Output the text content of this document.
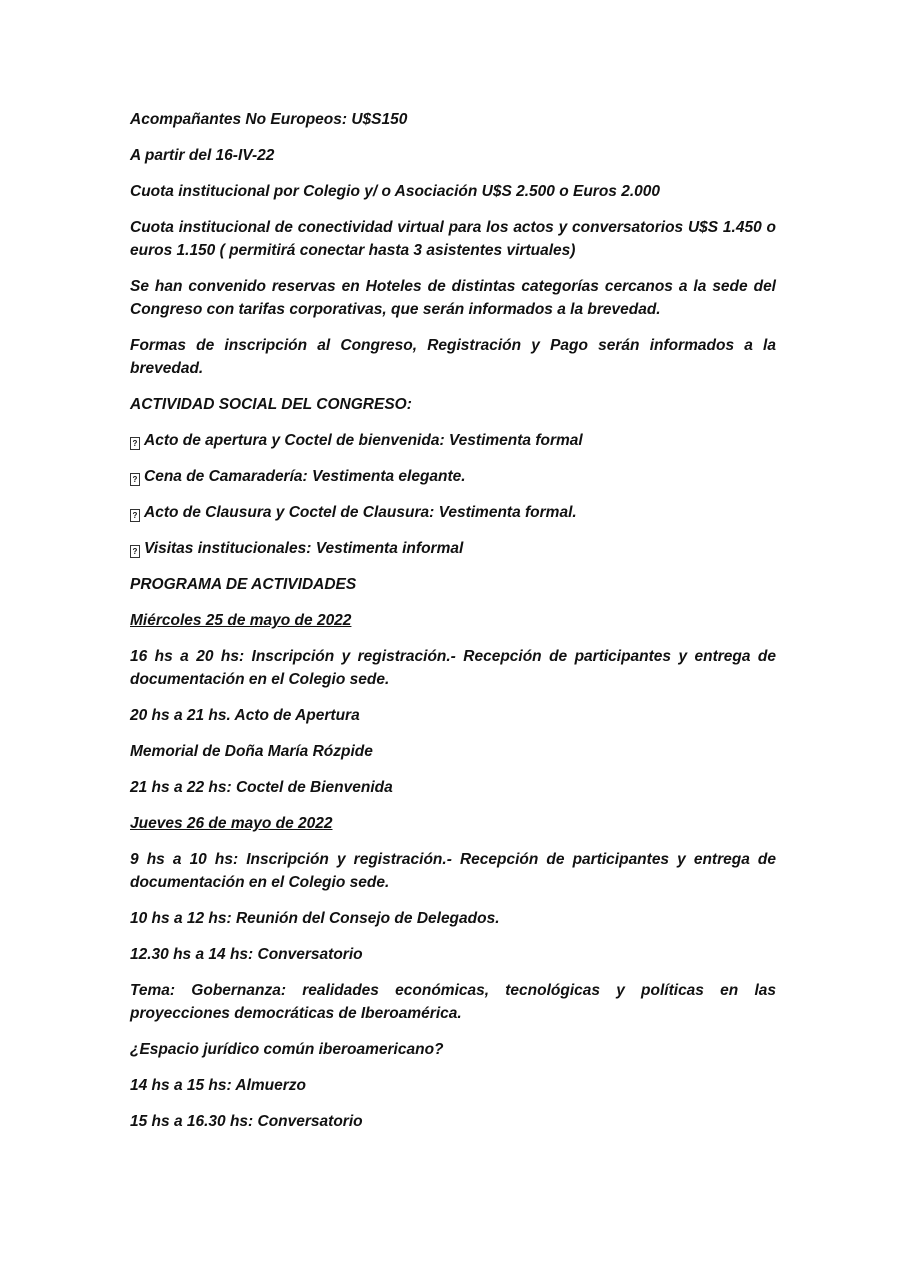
Acompañantes No Europeos: U$S150

A partir del 16-IV-22

Cuota institucional por Colegio y/ o Asociación U$S 2.500 o Euros 2.000

Cuota institucional de conectividad virtual para los actos y conversatorios U$S 1.450 o euros 1.150 ( permitirá conectar hasta 3 asistentes virtuales)

Se han convenido reservas en Hoteles de distintas categorías cercanos a la sede del Congreso con tarifas corporativas, que serán informados a la brevedad.

Formas de inscripción al Congreso, Registración y Pago serán informados a la brevedad.

ACTIVIDAD SOCIAL DEL CONGRESO:

? Acto de apertura y Coctel de bienvenida: Vestimenta formal

? Cena de Camaradería: Vestimenta elegante.

? Acto de Clausura y Coctel de Clausura: Vestimenta formal.

? Visitas institucionales: Vestimenta informal

PROGRAMA DE ACTIVIDADES

Miércoles 25 de mayo de 2022

16 hs a 20 hs: Inscripción y registración.- Recepción de participantes y entrega de documentación en el Colegio sede.

20 hs a 21 hs. Acto de Apertura

Memorial de Doña María Rózpide

21 hs a 22 hs: Coctel de Bienvenida

Jueves 26 de mayo de 2022

9 hs a 10 hs: Inscripción y registración.- Recepción de participantes y entrega de documentación en el Colegio sede.

10 hs a 12 hs: Reunión del Consejo de Delegados.

12.30 hs a 14 hs: Conversatorio

Tema: Gobernanza: realidades económicas, tecnológicas y políticas en las proyecciones democráticas de Iberoamérica.

¿Espacio jurídico común iberoamericano?

14 hs a 15 hs: Almuerzo

15 hs a 16.30 hs: Conversatorio
